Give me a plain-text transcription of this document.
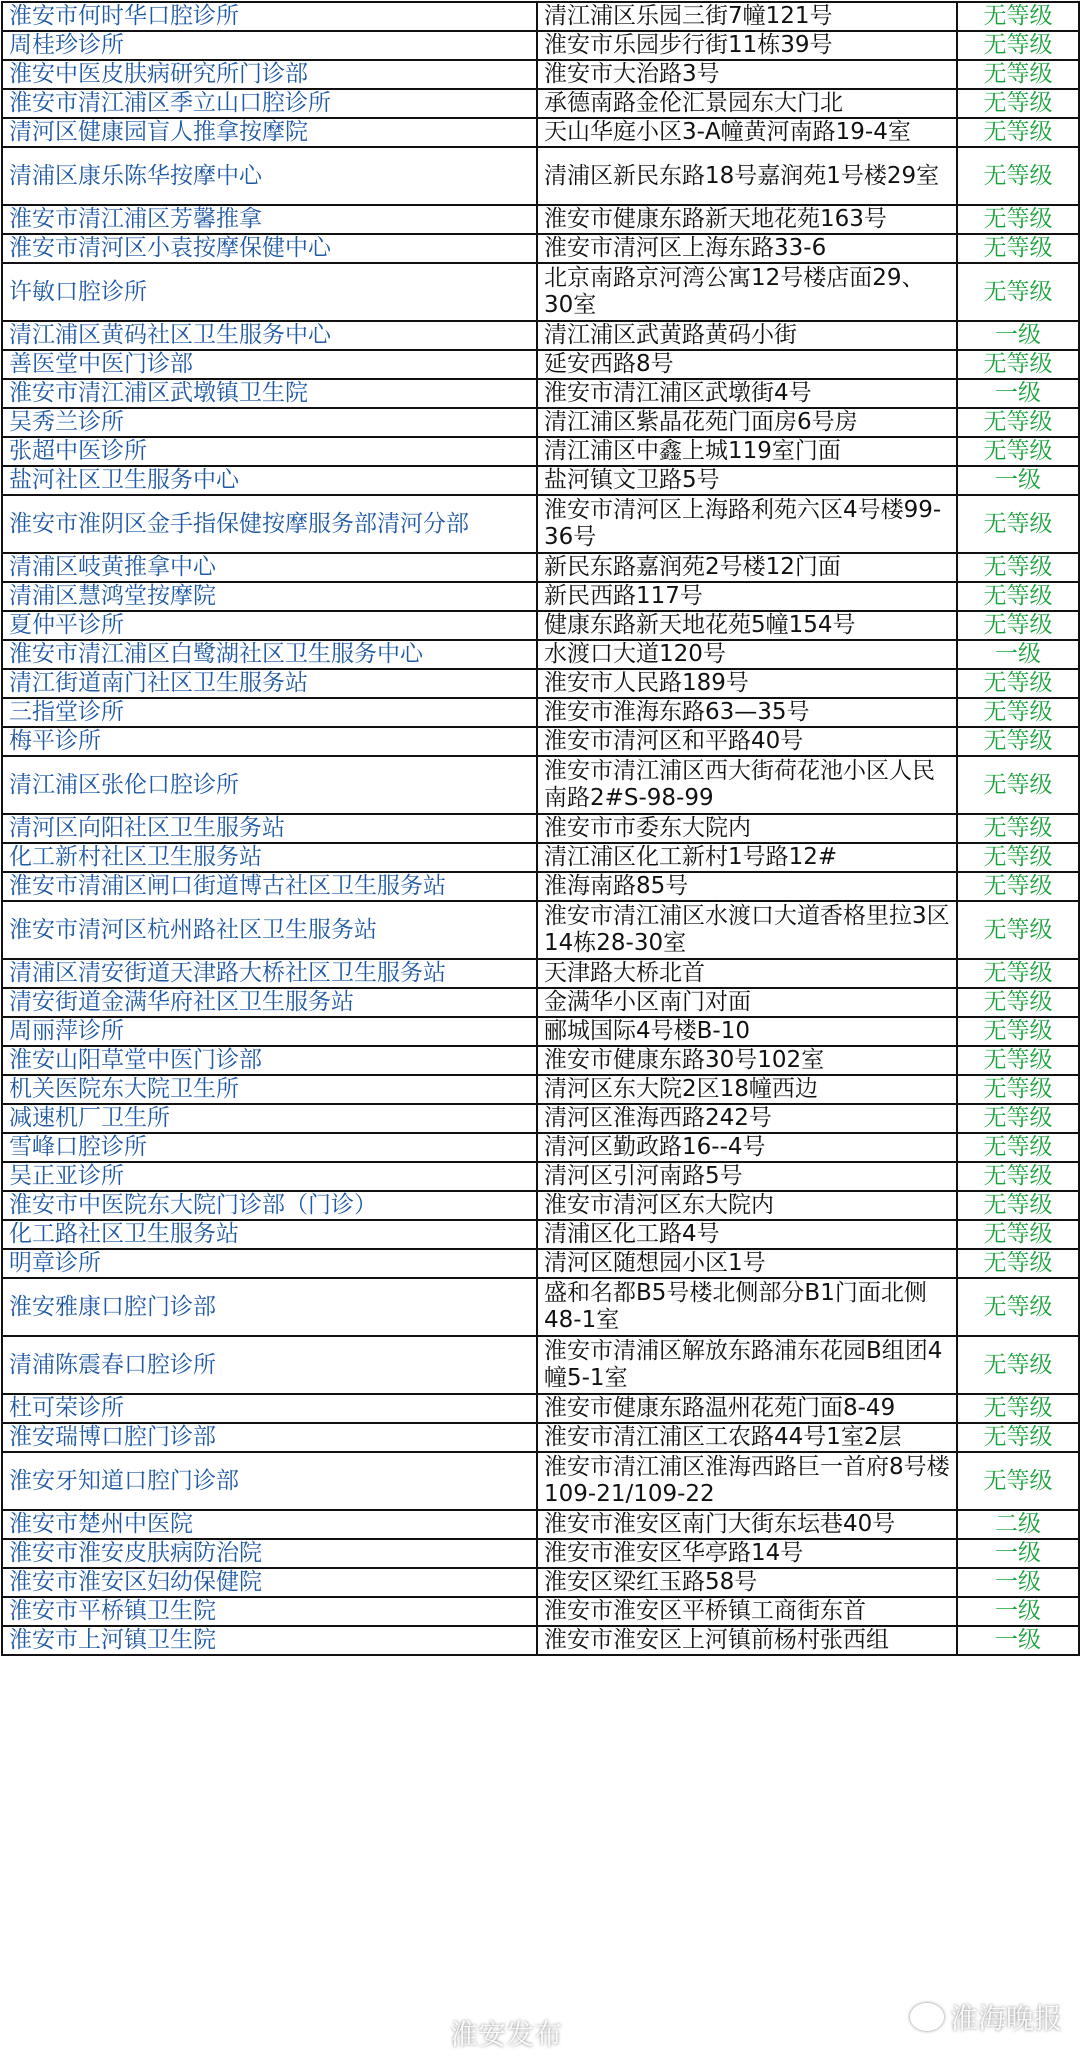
淮安市何时华口腔诊所	清江浦区乐园三街7幢121号	无等级
周桂珍诊所	淮安市乐园步行街11栋39号	无等级
淮安中医皮肤病研究所门诊部	淮安市大治路3号	无等级
淮安市清江浦区季立山口腔诊所	承德南路金伦汇景园东大门北	无等级
清河区健康园盲人推拿按摩院	天山华庭小区3-A幢黄河南路19-4室	无等级
清浦区康乐陈华按摩中心	清浦区新民东路18号嘉润苑1号楼29室	无等级
淮安市清江浦区芳馨推拿	淮安市健康东路新天地花苑163号	无等级
淮安市清河区小袁按摩保健中心	淮安市清河区上海东路33-6	无等级
许敏口腔诊所	北京南路京河湾公寓12号楼店面29、30室	无等级
清江浦区黄码社区卫生服务中心	清江浦区武黄路黄码小街	一级
善医堂中医门诊部	延安西路8号	无等级
淮安市清江浦区武墩镇卫生院	淮安市清江浦区武墩街4号	一级
吴秀兰诊所	清江浦区紫晶花苑门面房6号房	无等级
张超中医诊所	清江浦区中鑫上城119室门面	无等级
盐河社区卫生服务中心	盐河镇文卫路5号	一级
淮安市淮阴区金手指保健按摩服务部清河分部	淮安市清河区上海路利苑六区4号楼99-36号	无等级
清浦区岐黄推拿中心	新民东路嘉润苑2号楼12门面	无等级
清浦区慧鸿堂按摩院	新民西路117号	无等级
夏仲平诊所	健康东路新天地花苑5幢154号	无等级
淮安市清江浦区白鹭湖社区卫生服务中心	水渡口大道120号	一级
清江街道南门社区卫生服务站	淮安市人民路189号	无等级
三指堂诊所	淮安市淮海东路63—35号	无等级
梅平诊所	淮安市清河区和平路40号	无等级
清江浦区张伦口腔诊所	淮安市清江浦区西大街荷花池小区人民南路2#S-98-99	无等级
清河区向阳社区卫生服务站	淮安市市委东大院内	无等级
化工新村社区卫生服务站	清江浦区化工新村1号路12#	无等级
淮安市清浦区闸口街道博古社区卫生服务站	淮海南路85号	无等级
淮安市清河区杭州路社区卫生服务站	淮安市清江浦区水渡口大道香格里拉3区14栋28-30室	无等级
清浦区清安街道天津路大桥社区卫生服务站	天津路大桥北首	无等级
清安街道金满华府社区卫生服务站	金满华小区南门对面	无等级
周丽萍诊所	郦城国际4号楼B-10	无等级
淮安山阳草堂中医门诊部	淮安市健康东路30号102室	无等级
机关医院东大院卫生所	清河区东大院2区18幢西边	无等级
减速机厂卫生所	清河区淮海西路242号	无等级
雪峰口腔诊所	清河区勤政路16--4号	无等级
吴正亚诊所	清河区引河南路5号	无等级
淮安市中医院东大院门诊部（门诊）	淮安市清河区东大院内	无等级
化工路社区卫生服务站	清浦区化工路4号	无等级
明章诊所	清河区随想园小区1号	无等级
淮安雅康口腔门诊部	盛和名都B5号楼北侧部分B1门面北侧48-1室	无等级
清浦陈震春口腔诊所	淮安市清浦区解放东路浦东花园B组团4幢5-1室	无等级
杜可荣诊所	淮安市健康东路温州花苑门面8-49	无等级
淮安瑞博口腔门诊部	淮安市清江浦区工农路44号1室2层	无等级
淮安牙知道口腔门诊部	淮安市清江浦区淮海西路巨一首府8号楼109-21/109-22	无等级
淮安市楚州中医院	淮安市淮安区南门大街东坛巷40号	二级
淮安市淮安皮肤病防治院	淮安市淮安区华亭路14号	一级
淮安市淮安区妇幼保健院	淮安区梁红玉路58号	一级
淮安市平桥镇卫生院	淮安市淮安区平桥镇工商街东首	一级
淮安市上河镇卫生院	淮安市淮安区上河镇前杨村张西组	一级
淮安发布	淮海晚报
